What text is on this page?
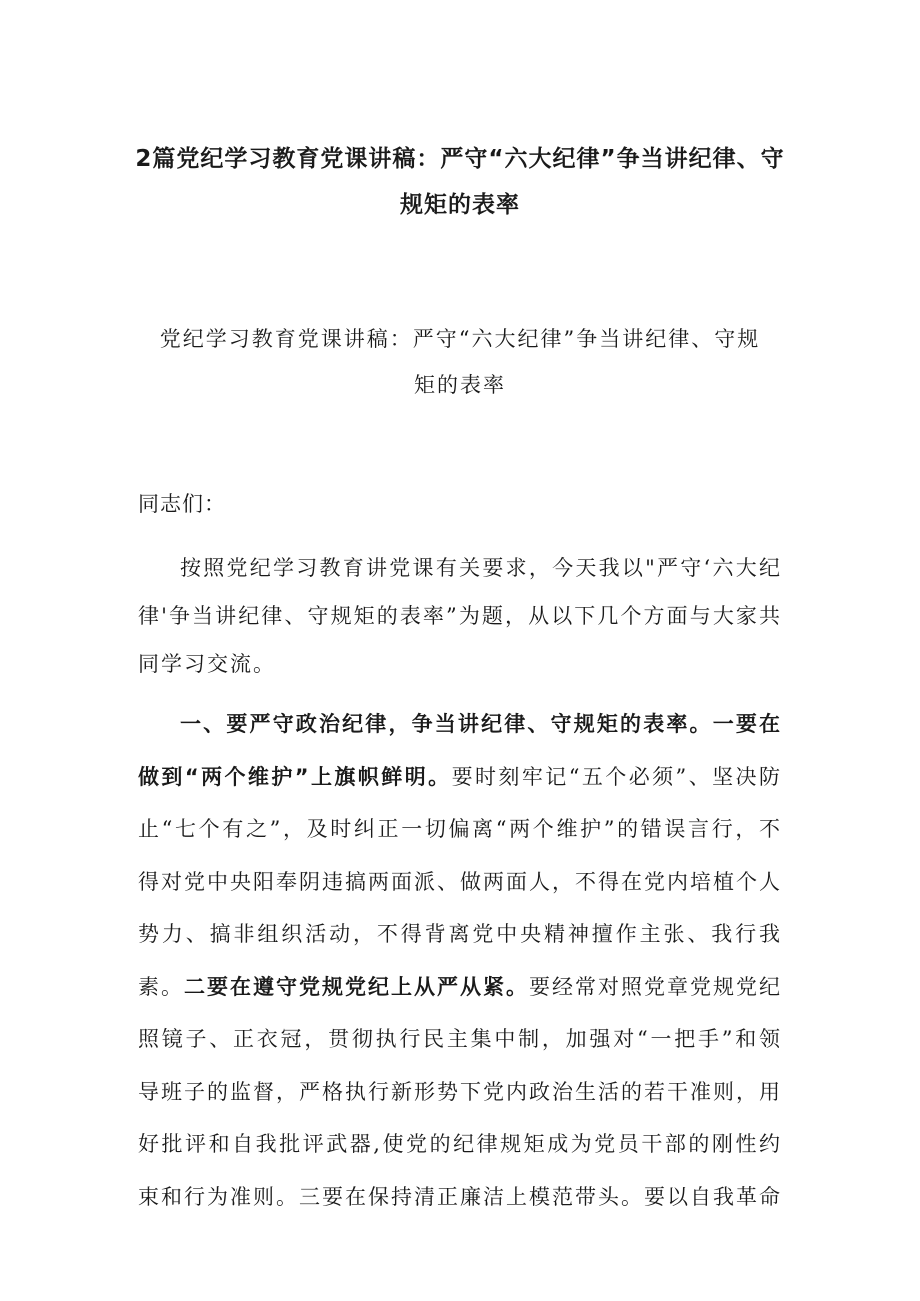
2篇党纪学习教育党课讲稿：严守“六大纪律”争当讲纪律、守规矩的表率

党纪学习教育党课讲稿：严守“六大纪律”争当讲纪律、守规矩的表率

同志们：

按照党纪学习教育讲党课有关要求，今天我以"严守‘六大纪律'争当讲纪律、守规矩的表率”为题，从以下几个方面与大家共同学习交流。

一、要严守政治纪律，争当讲纪律、守规矩的表率。一要在做到“两个维护”上旗帜鲜明。要时刻牢记“五个必须”、坚决防止“七个有之”，及时纠正一切偏离“两个维护”的错误言行，不得对党中央阳奉阴违搞两面派、做两面人，不得在党内培植个人势力、搞非组织活动，不得背离党中央精神擅作主张、我行我素。二要在遵守党规党纪上从严从紧。要经常对照党章党规党纪照镜子、正衣冠，贯彻执行民主集中制，加强对“一把手”和领导班子的监督，严格执行新形势下党内政治生活的若干准则，用好批评和自我批评武器,使党的纪律规矩成为党员干部的刚性约束和行为准则。三要在保持清正廉洁上模范带头。要以自我革命
